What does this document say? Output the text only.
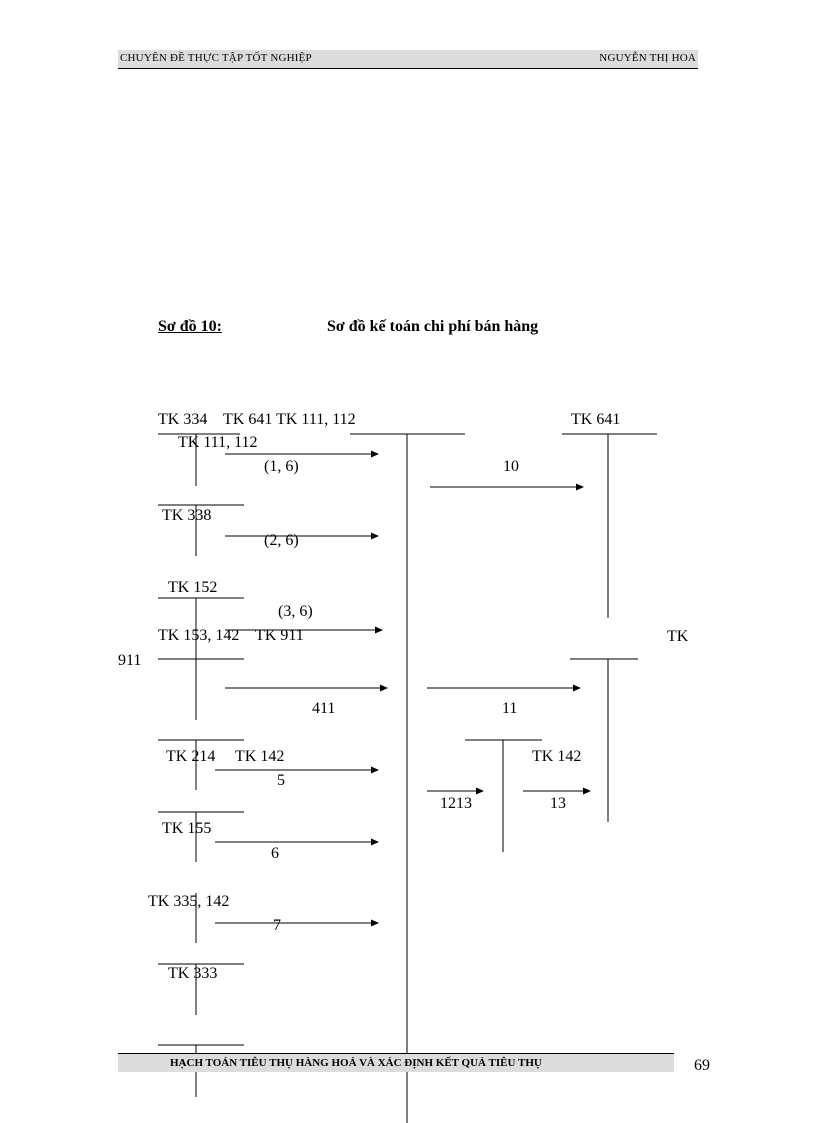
CHUYÊN ĐỀ THỰC TẬP TỐT NGHIỆP	NGUYỄN THỊ HOA
Sơ đồ 10:	Sơ đồ kế toán chi phí bán hàng
TK 334    TK 641 TK 111, 112	TK 641
TK 111, 112
(1, 6)	10
TK 338
(2, 6)
TK 152
(3, 6)
TK 153, 142    TK 911	TK
911
411	11
TK 214     TK 142	TK 142
5
1213	13
TK 155
6
TK 335, 142
7
TK 333
HẠCH TOÁN TIÊU THỤ HÀNG HOÁ VÀ XÁC ĐỊNH KẾT QUẢ TIÊU THỤ	69
